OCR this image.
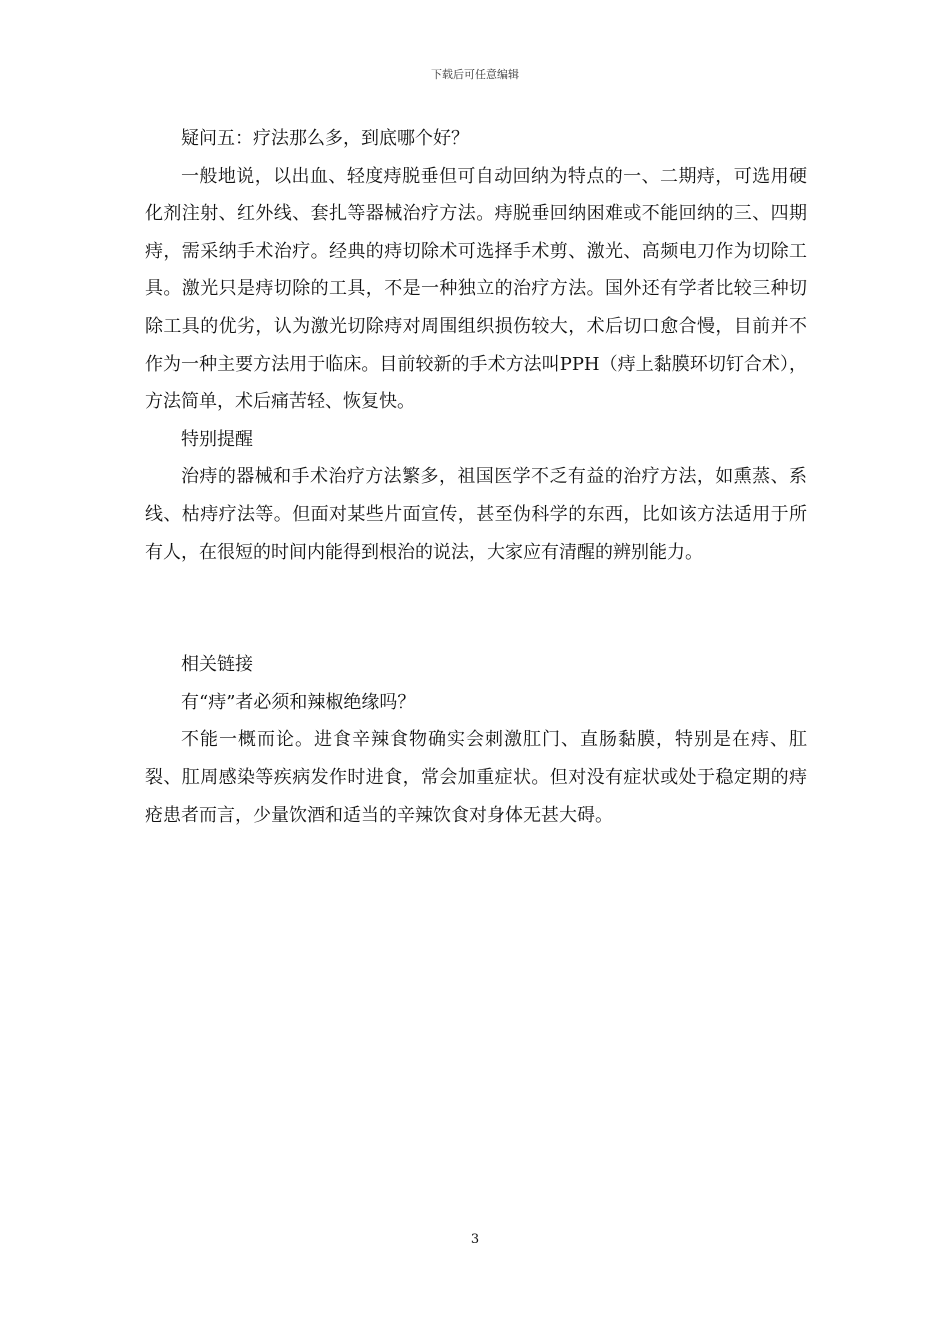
下载后可任意编辑

疑问五：疗法那么多，到底哪个好？

一般地说，以出血、轻度痔脱垂但可自动回纳为特点的一、二期痔，可选用硬化剂注射、红外线、套扎等器械治疗方法。痔脱垂回纳困难或不能回纳的三、四期痔，需采纳手术治疗。经典的痔切除术可选择手术剪、激光、高频电刀作为切除工具。激光只是痔切除的工具，不是一种独立的治疗方法。国外还有学者比较三种切除工具的优劣，认为激光切除痔对周围组织损伤较大，术后切口愈合慢，目前并不作为一种主要方法用于临床。目前较新的手术方法叫PPH（痔上黏膜环切钉合术），方法简单，术后痛苦轻、恢复快。

特别提醒

治痔的器械和手术治疗方法繁多，祖国医学不乏有益的治疗方法，如熏蒸、系线、枯痔疗法等。但面对某些片面宣传，甚至伪科学的东西，比如该方法适用于所有人，在很短的时间内能得到根治的说法，大家应有清醒的辨别能力。

相关链接

有“痔”者必须和辣椒绝缘吗？

不能一概而论。进食辛辣食物确实会刺激肛门、直肠黏膜，特别是在痔、肛裂、肛周感染等疾病发作时进食，常会加重症状。但对没有症状或处于稳定期的痔疮患者而言，少量饮酒和适当的辛辣饮食对身体无甚大碍。

3
